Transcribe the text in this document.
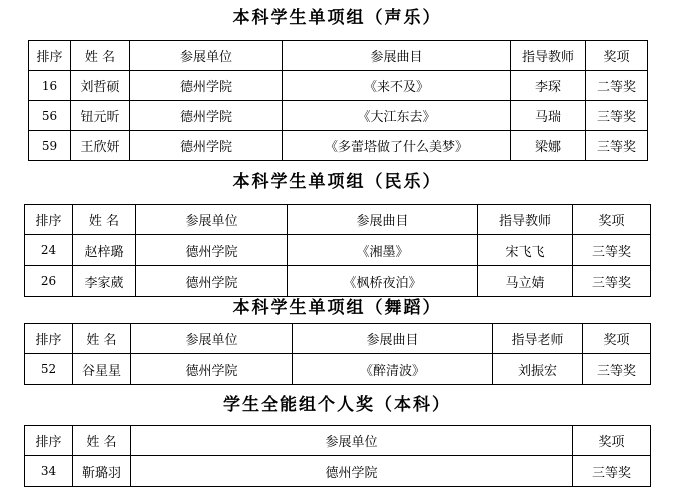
本科学生单项组（声乐）
排序	姓 名	参展单位	参展曲目	指导教师	奖项
16	刘哲硕	德州学院	《来不及》	李琛	二等奖
56	钮元昕	德州学院	《大江东去》	马瑞	三等奖
59	王欣妍	德州学院	《多蕾塔做了什么美梦》	梁娜	三等奖
本科学生单项组（民乐）
排序	姓 名	参展单位	参展曲目	指导教师	奖项
24	赵梓璐	德州学院	《湘墨》	宋飞飞	三等奖
26	李家葳	德州学院	《枫桥夜泊》	马立婧	三等奖
本科学生单项组（舞蹈）
排序	姓 名	参展单位	参展曲目	指导老师	奖项
52	谷星星	德州学院	《醉清波》	刘振宏	三等奖
学生全能组个人奖（本科）
排序	姓 名	参展单位	奖项
34	靳璐羽	德州学院	三等奖
